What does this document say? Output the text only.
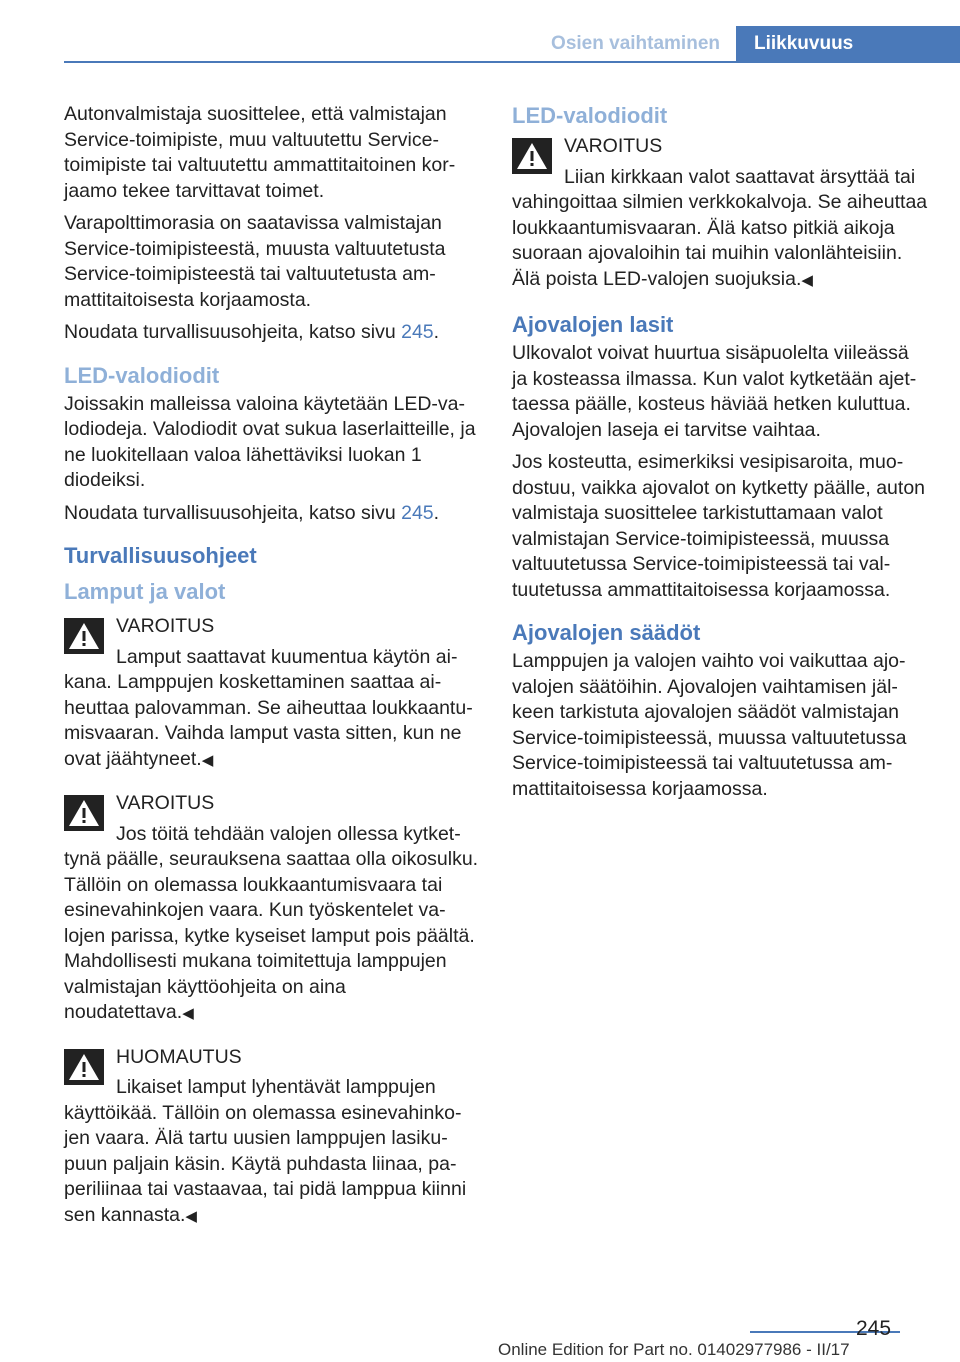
Osien vaihtaminen	Liikkuvuus

Autonvalmistaja suosittelee, että valmistajan Service-toimipiste, muu valtuutettu Service-toimipiste tai valtuutettu ammattitaitoinen korjaamo tekee tarvittavat toimet.

Varapolttimorasia on saatavissa valmistajan Service-toimipisteestä, muusta valtuutetusta Service-toimipisteestä tai valtuutetusta ammattitaitoisesta korjaamosta.

Noudata turvallisuusohjeita, katso sivu 245.

LED-valodiodit

Joissakin malleissa valoina käytetään LED-valodiodeja. Valodiodit ovat sukua laserlaitteille, ja ne luokitellaan valoa lähettäviksi luokan 1 diodeiksi.

Noudata turvallisuusohjeita, katso sivu 245.

Turvallisuusohjeet
Lamput ja valot
VAROITUS

Lamput saattavat kuumentua käytön aikana. Lamppujen koskettaminen saattaa aiheuttaa palovamman. Se aiheuttaa loukkaantumisvaaran. Vaihda lamput vasta sitten, kun ne ovat jäähtyneet.◀

VAROITUS

Jos töitä tehdään valojen ollessa kytkettynä päälle, seurauksena saattaa olla oikosulku. Tällöin on olemassa loukkaantumisvaara tai esinevahinkojen vaara. Kun työskentelet valojen parissa, kytke kyseiset lamput pois päältä. Mahdollisesti mukana toimitettuja lamppujen valmistajan käyttöohjeita on aina noudatettava.◀

HUOMAUTUS

Likaiset lamput lyhentävät lamppujen käyttöikää. Tällöin on olemassa esinevahinkojen vaara. Älä tartu uusien lamppujen lasikupuun paljain käsin. Käytä puhdasta liinaa, paperiliinaa tai vastaavaa, tai pidä lamppua kiinni sen kannasta.◀

LED-valodiodit
VAROITUS

Liian kirkkaan valot saattavat ärsyttää tai vahingoittaa silmien verkkokalvoja. Se aiheuttaa loukkaantumisvaaran. Älä katso pitkiä aikoja suoraan ajovaloihin tai muihin valonlähteisiin. Älä poista LED-valojen suojuksia.◀

Ajovalojen lasit

Ulkovalot voivat huurtua sisäpuolelta viileässä ja kosteassa ilmassa. Kun valot kytketään ajettaessa päälle, kosteus häviää hetken kuluttua. Ajovalojen laseja ei tarvitse vaihtaa.

Jos kosteutta, esimerkiksi vesipisaroita, muodostuu, vaikka ajovalot on kytketty päälle, auton valmistaja suosittelee tarkistuttamaan valot valmistajan Service-toimipisteessä, muussa valtuutetussa Service-toimipisteessä tai valtuutetussa ammattitaitoisessa korjaamossa.

Ajovalojen säädöt

Lamppujen ja valojen vaihto voi vaikuttaa ajovalojen säätöihin. Ajovalojen vaihtamisen jälkeen tarkistuta ajovalojen säädöt valmistajan Service-toimipisteessä, muussa valtuutetussa Service-toimipisteessä tai valtuutetussa ammattitaitoisessa korjaamossa.

245
Online Edition for Part no. 01402977986 - II/17
